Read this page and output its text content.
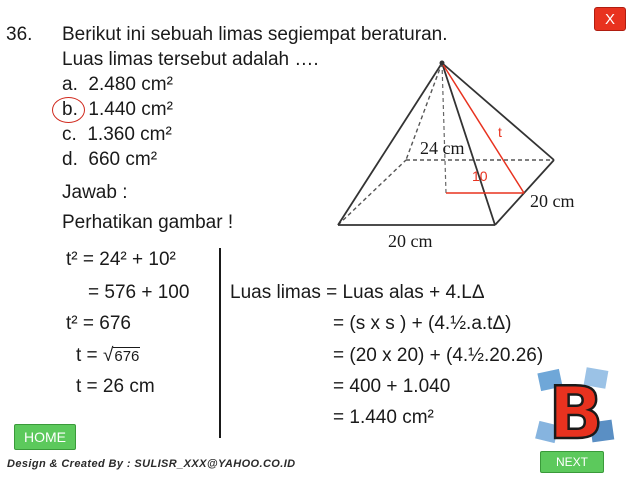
X
36. Berikut ini sebuah limas segiempat beraturan.
Luas limas tersebut adalah ….
a. 2.480 cm²
b. 1.440 cm²
c. 1.360 cm²
d. 660 cm²
Jawab :
Perhatikan gambar !
t
24 cm
10
20 cm
20 cm
t² = 24² + 10²
= 576 + 100
t² = 676
t = √676
t = 26 cm
Luas limas = Luas alas + 4.LΔ
= (s x s ) + (4.½.a.tΔ)
= (20 x 20) + (4.½.20.26)
= 400 + 1.040
= 1.440 cm² B
HOME
Design & Created By : SULISR_XXX@YAHOO.CO.ID	NEXT
